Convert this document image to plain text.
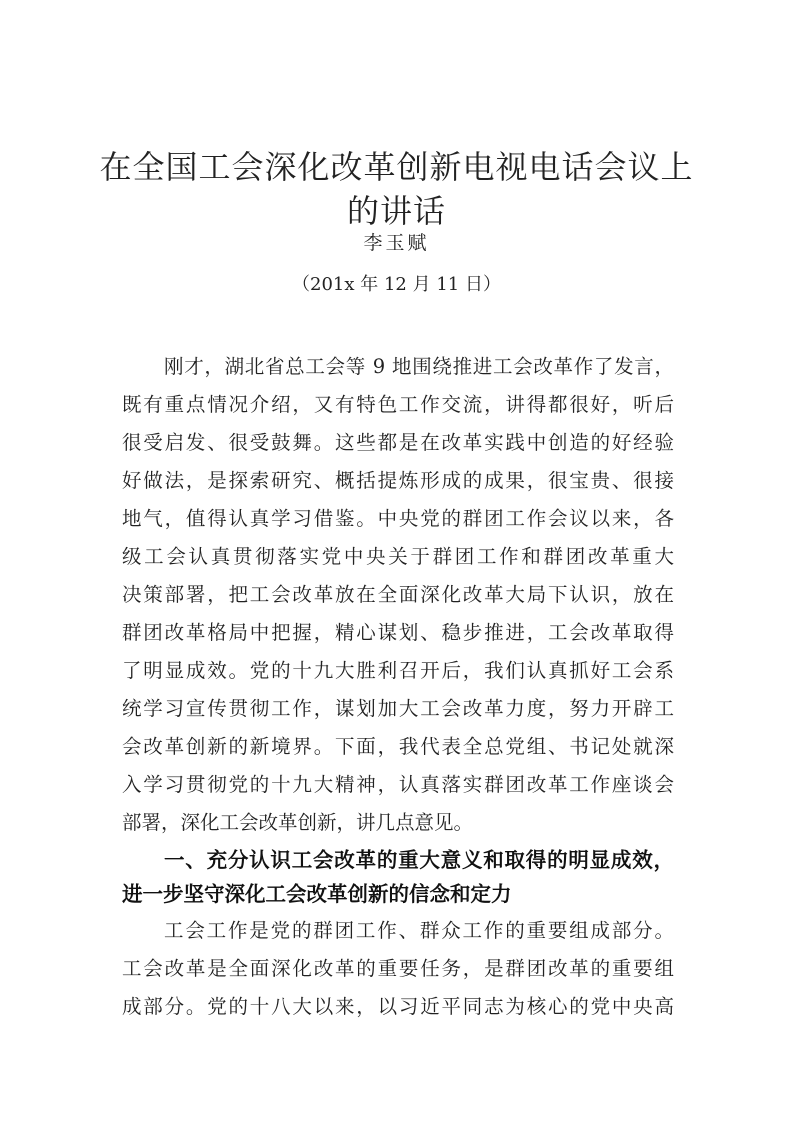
在全国工会深化改革创新电视电话会议上
的讲话
李玉赋
（201x 年 12 月 11 日）
刚才，湖北省总工会等 9 地围绕推进工会改革作了发言，
既有重点情况介绍，又有特色工作交流，讲得都很好，听后
很受启发、很受鼓舞。这些都是在改革实践中创造的好经验
好做法，是探索研究、概括提炼形成的成果，很宝贵、很接
地气，值得认真学习借鉴。中央党的群团工作会议以来，各
级工会认真贯彻落实党中央关于群团工作和群团改革重大
决策部署，把工会改革放在全面深化改革大局下认识，放在
群团改革格局中把握，精心谋划、稳步推进，工会改革取得
了明显成效。党的十九大胜利召开后，我们认真抓好工会系
统学习宣传贯彻工作，谋划加大工会改革力度，努力开辟工
会改革创新的新境界。下面，我代表全总党组、书记处就深
入学习贯彻党的十九大精神，认真落实群团改革工作座谈会
部署，深化工会改革创新，讲几点意见。
一、充分认识工会改革的重大意义和取得的明显成效，
进一步坚守深化工会改革创新的信念和定力
工会工作是党的群团工作、群众工作的重要组成部分。
工会改革是全面深化改革的重要任务，是群团改革的重要组
成部分。党的十八大以来，以习近平同志为核心的党中央高
